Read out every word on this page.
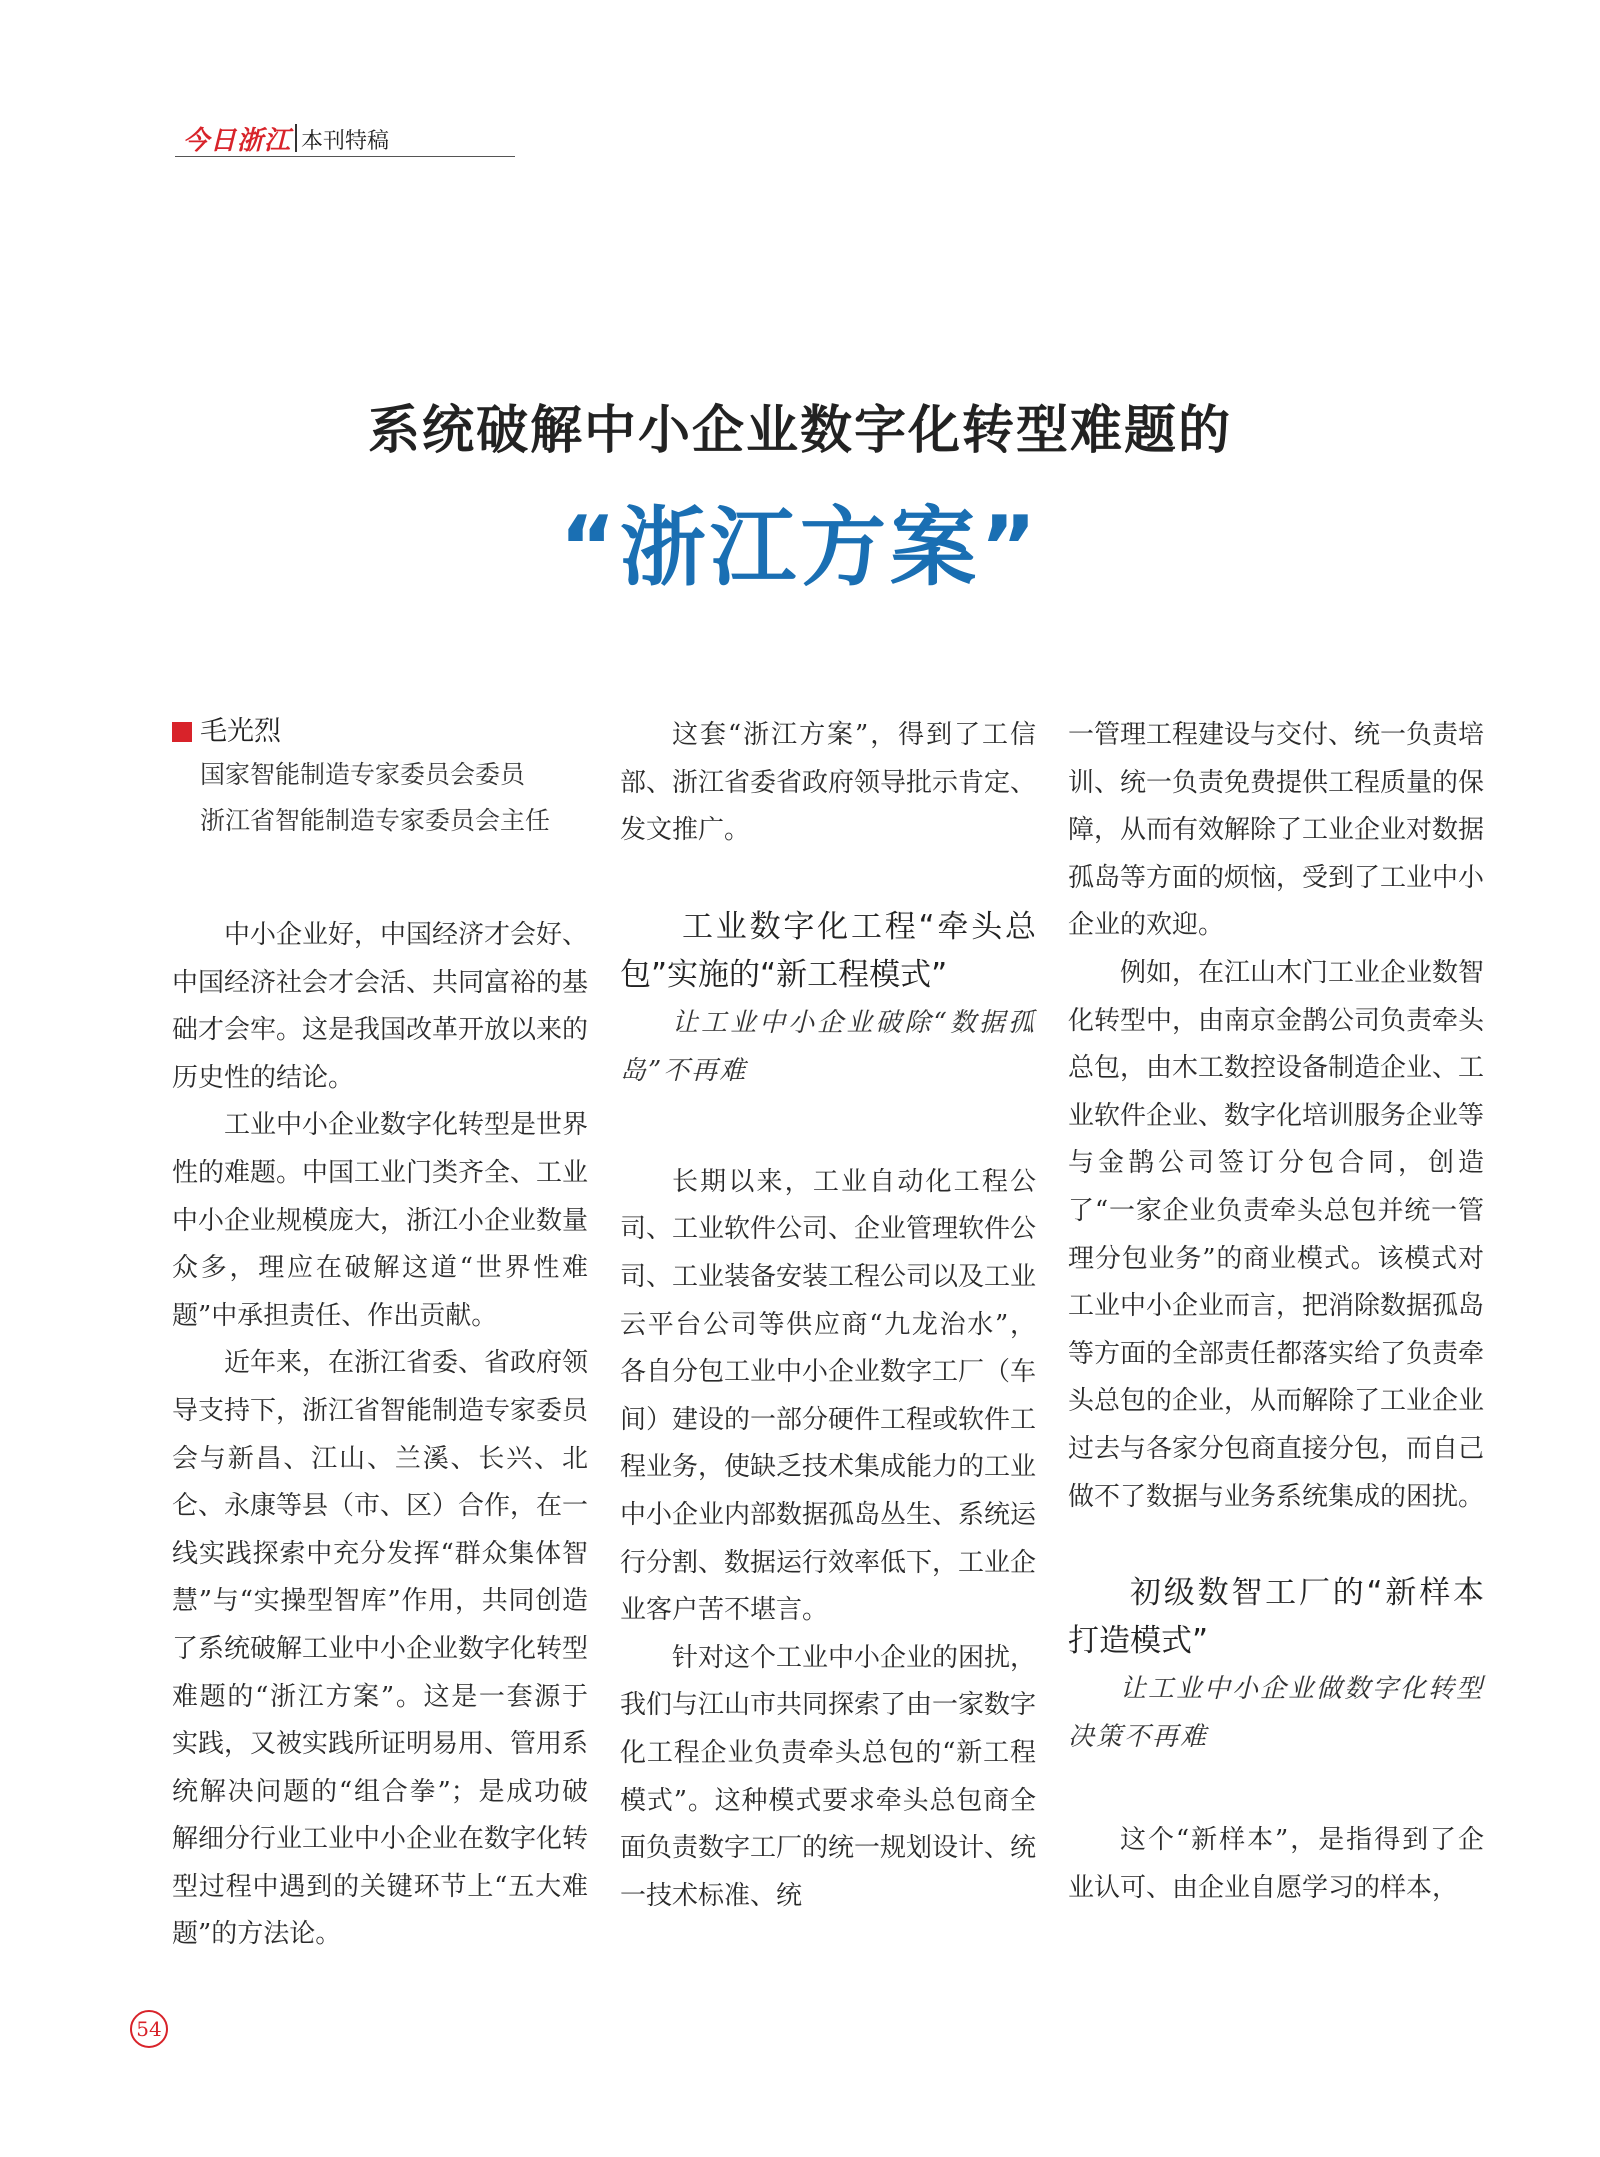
今日浙江 本刊特稿
系统破解中小企业数字化转型难题的
“浙江方案”
毛光烈
国家智能制造专家委员会委员
浙江省智能制造专家委员会主任

中小企业好，中国经济才会好、中国经济社会才会活、共同富裕的基础才会牢。这是我国改革开放以来的历史性的结论。

工业中小企业数字化转型是世界性的难题。中国工业门类齐全、工业中小企业规模庞大，浙江小企业数量众多，理应在破解这道“世界性难题”中承担责任、作出贡献。

近年来，在浙江省委、省政府领导支持下，浙江省智能制造专家委员会与新昌、江山、兰溪、长兴、北仑、永康等县（市、区）合作，在一线实践探索中充分发挥“群众集体智慧”与“实操型智库”作用，共同创造了系统破解工业中小企业数字化转型难题的“浙江方案”。这是一套源于实践，又被实践所证明易用、管用系统解决问题的“组合拳”；是成功破解细分行业工业中小企业在数字化转型过程中遇到的关键环节上“五大难题”的方法论。

这套“浙江方案”，得到了工信部、浙江省委省政府领导批示肯定、发文推广。

工业数字化工程“牵头总包”实施的“新工程模式”

让工业中小企业破除“数据孤岛”不再难

长期以来，工业自动化工程公司、工业软件公司、企业管理软件公司、工业装备安装工程公司以及工业云平台公司等供应商“九龙治水”，各自分包工业中小企业数字工厂（车间）建设的一部分硬件工程或软件工程业务，使缺乏技术集成能力的工业中小企业内部数据孤岛丛生、系统运行分割、数据运行效率低下，工业企业客户苦不堪言。

针对这个工业中小企业的困扰，我们与江山市共同探索了由一家数字化工程企业负责牵头总包的“新工程模式”。这种模式要求牵头总包商全面负责数字工厂的统一规划设计、统一技术标准、统

一管理工程建设与交付、统一负责培训、统一负责免费提供工程质量的保障，从而有效解除了工业企业对数据孤岛等方面的烦恼，受到了工业中小企业的欢迎。

例如，在江山木门工业企业数智化转型中，由南京金鹊公司负责牵头总包，由木工数控设备制造企业、工业软件企业、数字化培训服务企业等与金鹊公司签订分包合同，创造了“一家企业负责牵头总包并统一管理分包业务”的商业模式。该模式对工业中小企业而言，把消除数据孤岛等方面的全部责任都落实给了负责牵头总包的企业，从而解除了工业企业过去与各家分包商直接分包，而自己做不了数据与业务系统集成的困扰。

初级数智工厂的“新样本打造模式”

让工业中小企业做数字化转型决策不再难

这个“新样本”，是指得到了企业认可、由企业自愿学习的样本，

54
